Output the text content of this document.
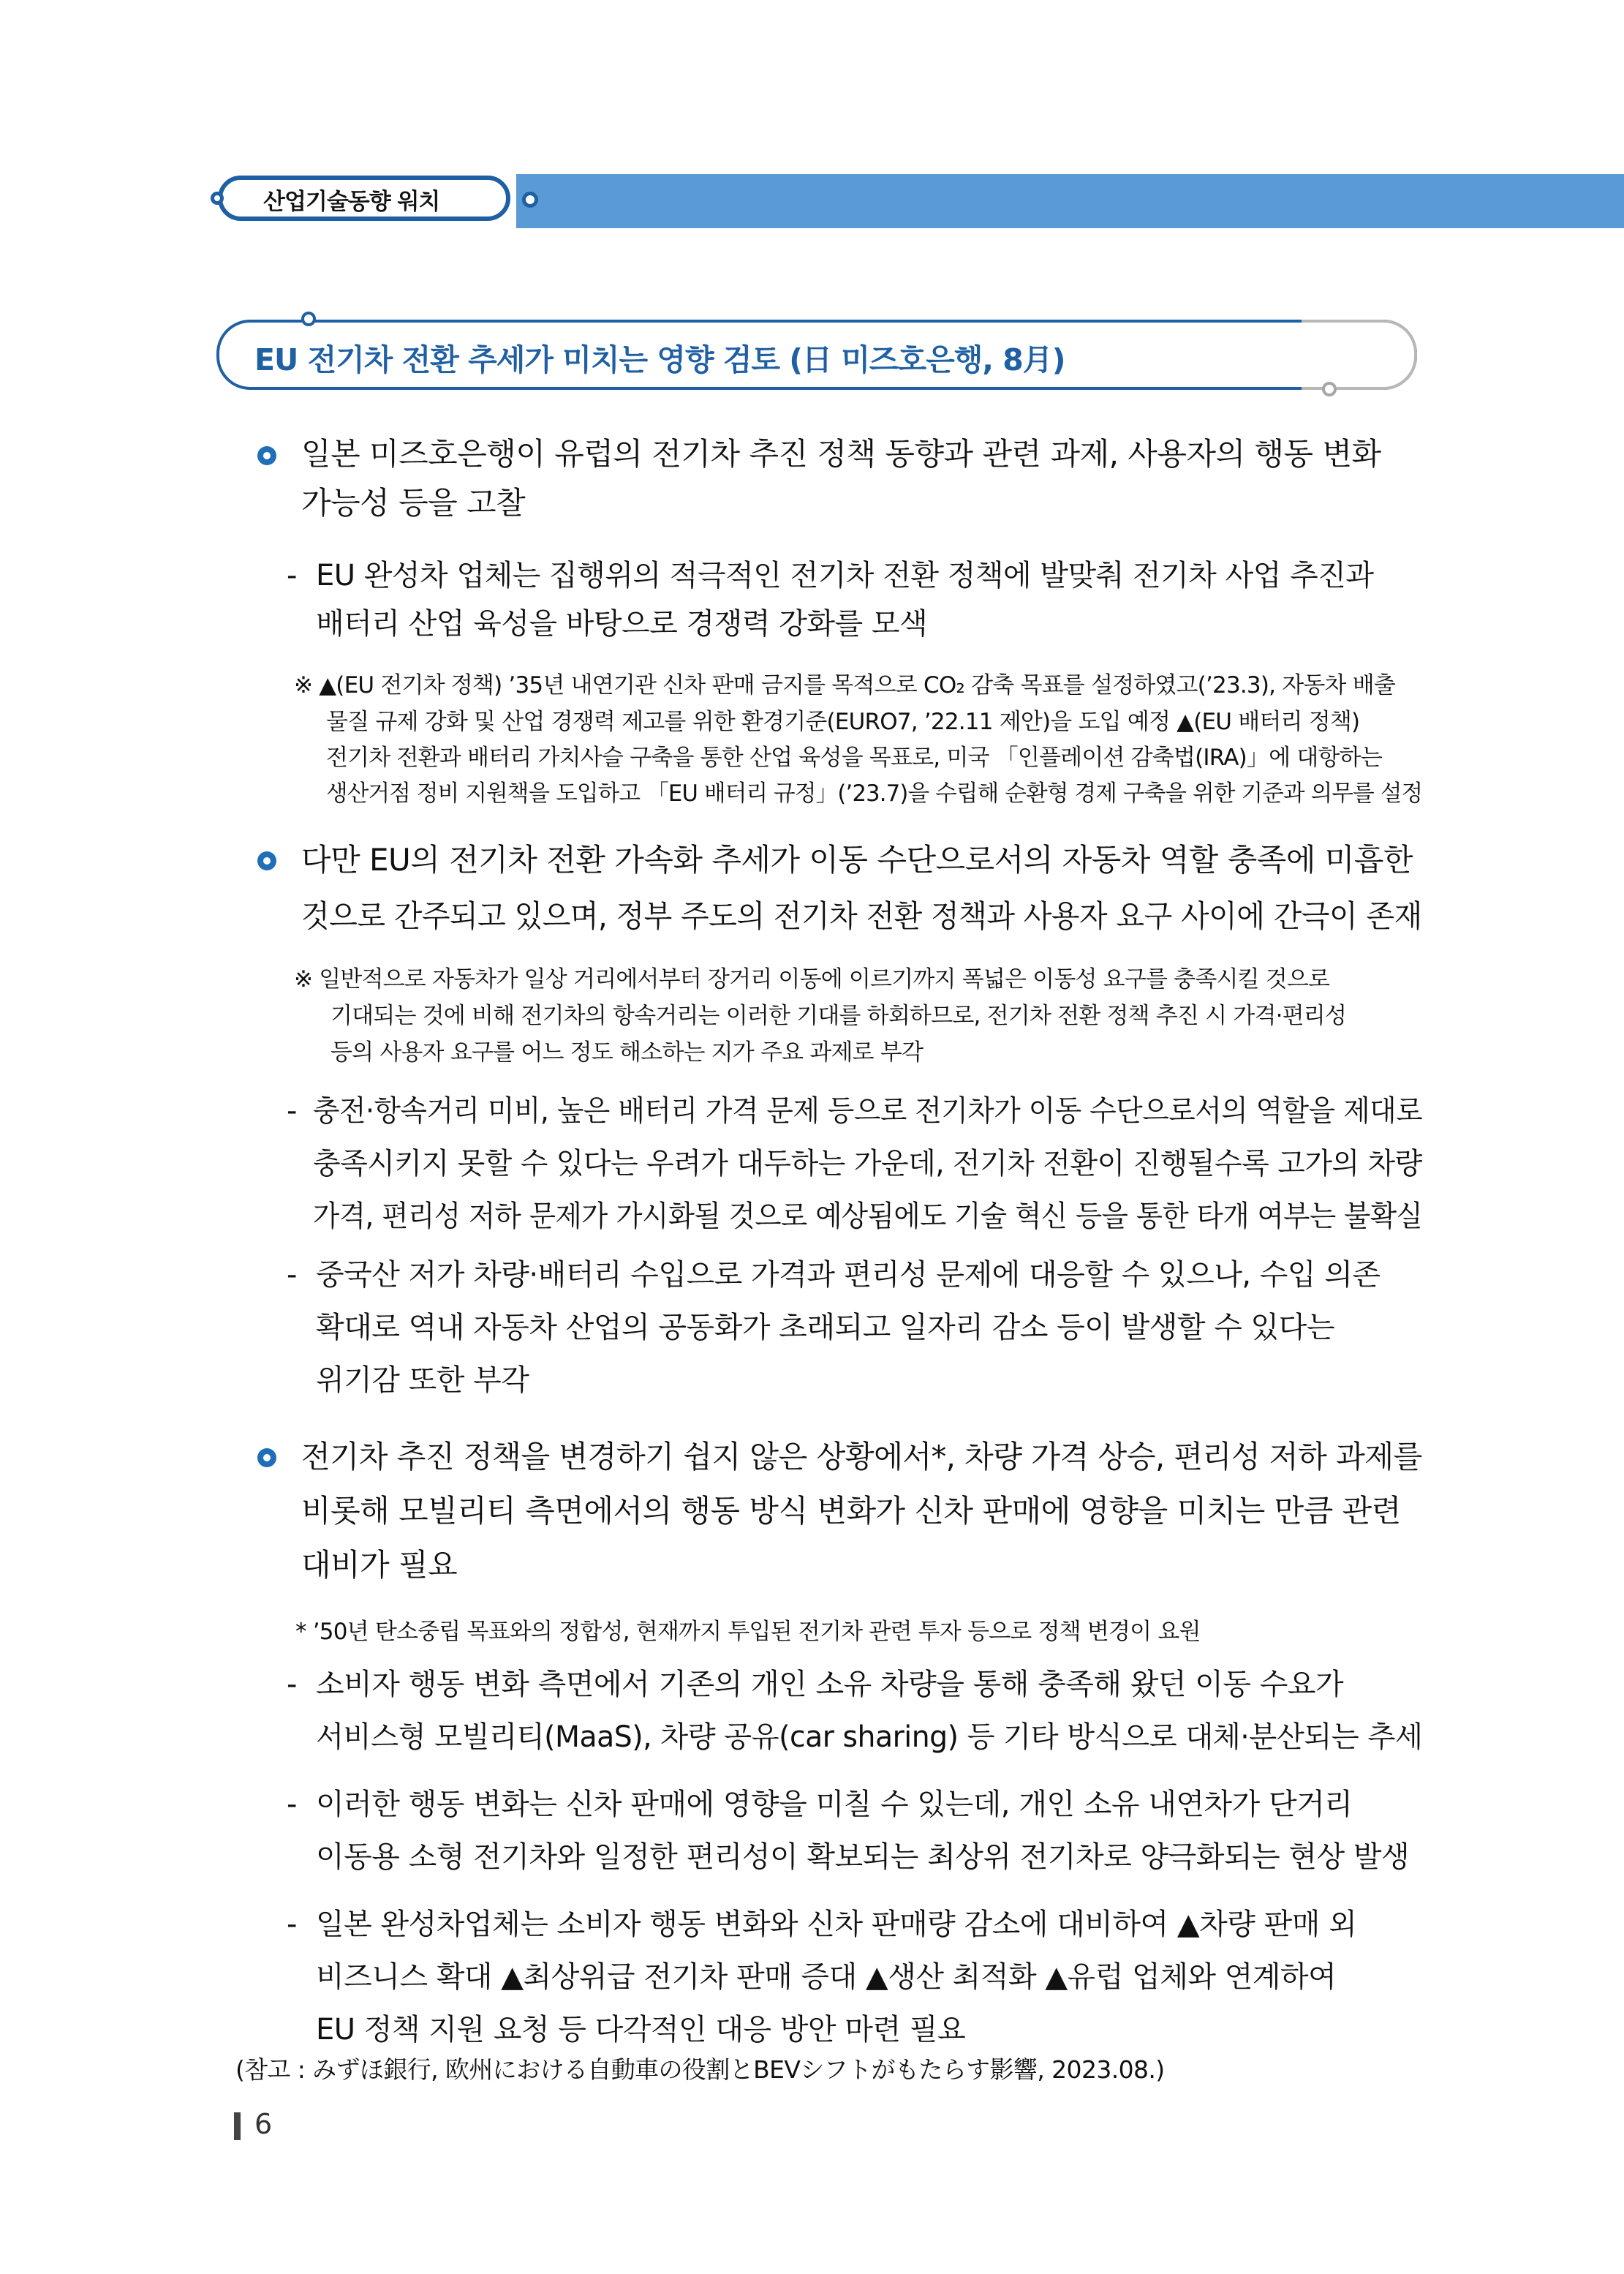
산업기술동향 워치
EU 전기차 전환 추세가 미치는 영향 검토 (日 미즈호은행, 8月)
일본 미즈호은행이 유럽의 전기차 추진 정책 동향과 관련 과제, 사용자의 행동 변화
가능성 등을 고찰
- EU 완성차 업체는 집행위의 적극적인 전기차 전환 정책에 발맞춰 전기차 사업 추진과
배터리 산업 육성을 바탕으로 경쟁력 강화를 모색
※ ▲(EU 전기차 정책) ’35년 내연기관 신차 판매 금지를 목적으로 CO₂ 감축 목표를 설정하였고(’23.3), 자동차 배출
물질 규제 강화 및 산업 경쟁력 제고를 위한 환경기준(EURO7, ’22.11 제안)을 도입 예정 ▲(EU 배터리 정책)
전기차 전환과 배터리 가치사슬 구축을 통한 산업 육성을 목표로, 미국 「인플레이션 감축법(IRA)」에 대항하는
생산거점 정비 지원책을 도입하고 「EU 배터리 규정」(’23.7)을 수립해 순환형 경제 구축을 위한 기준과 의무를 설정
다만 EU의 전기차 전환 가속화 추세가 이동 수단으로서의 자동차 역할 충족에 미흡한
것으로 간주되고 있으며, 정부 주도의 전기차 전환 정책과 사용자 요구 사이에 간극이 존재
※ 일반적으로 자동차가 일상 거리에서부터 장거리 이동에 이르기까지 폭넓은 이동성 요구를 충족시킬 것으로
기대되는 것에 비해 전기차의 항속거리는 이러한 기대를 하회하므로, 전기차 전환 정책 추진 시 가격·편리성
등의 사용자 요구를 어느 정도 해소하는 지가 주요 과제로 부각
- 충전·항속거리 미비, 높은 배터리 가격 문제 등으로 전기차가 이동 수단으로서의 역할을 제대로
충족시키지 못할 수 있다는 우려가 대두하는 가운데, 전기차 전환이 진행될수록 고가의 차량
가격, 편리성 저하 문제가 가시화될 것으로 예상됨에도 기술 혁신 등을 통한 타개 여부는 불확실
- 중국산 저가 차량·배터리 수입으로 가격과 편리성 문제에 대응할 수 있으나, 수입 의존
확대로 역내 자동차 산업의 공동화가 초래되고 일자리 감소 등이 발생할 수 있다는
위기감 또한 부각
전기차 추진 정책을 변경하기 쉽지 않은 상황에서*, 차량 가격 상승, 편리성 저하 과제를
비롯해 모빌리티 측면에서의 행동 방식 변화가 신차 판매에 영향을 미치는 만큼 관련
대비가 필요
* ’50년 탄소중립 목표와의 정합성, 현재까지 투입된 전기차 관련 투자 등으로 정책 변경이 요원
- 소비자 행동 변화 측면에서 기존의 개인 소유 차량을 통해 충족해 왔던 이동 수요가
서비스형 모빌리티(MaaS), 차량 공유(car sharing) 등 기타 방식으로 대체·분산되는 추세
- 이러한 행동 변화는 신차 판매에 영향을 미칠 수 있는데, 개인 소유 내연차가 단거리
이동용 소형 전기차와 일정한 편리성이 확보되는 최상위 전기차로 양극화되는 현상 발생
- 일본 완성차업체는 소비자 행동 변화와 신차 판매량 감소에 대비하여 ▲차량 판매 외
비즈니스 확대 ▲최상위급 전기차 판매 증대 ▲생산 최적화 ▲유럽 업체와 연계하여
EU 정책 지원 요청 등 다각적인 대응 방안 마련 필요
(참고 : みずほ銀行, 欧州における自動車の役割とBEVシフトがもたらす影響, 2023.08.)
6
